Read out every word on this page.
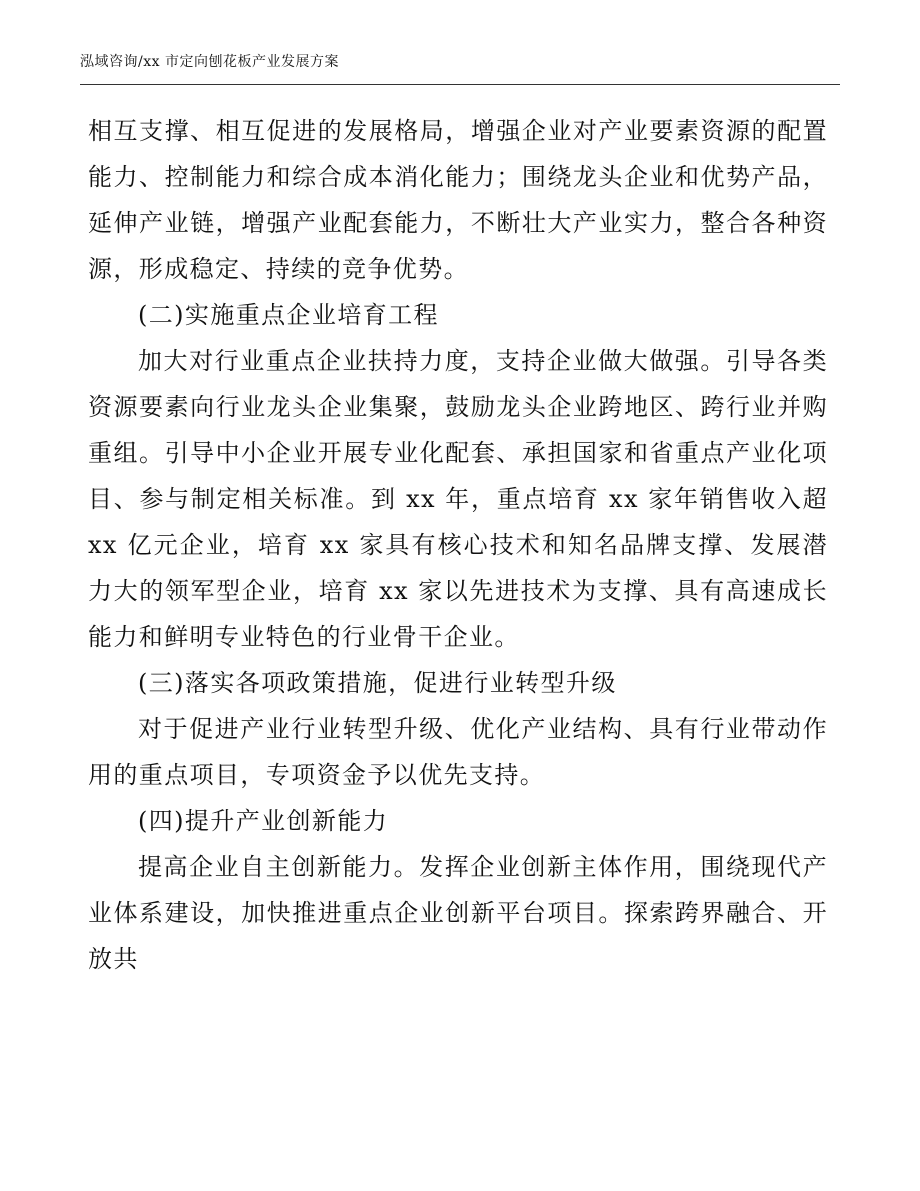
泓域咨询/xx 市定向刨花板产业发展方案

相互支撑、相互促进的发展格局，增强企业对产业要素资源的配置能力、控制能力和综合成本消化能力；围绕龙头企业和优势产品，延伸产业链，增强产业配套能力，不断壮大产业实力，整合各种资源，形成稳定、持续的竞争优势。

(二)实施重点企业培育工程

加大对行业重点企业扶持力度，支持企业做大做强。引导各类资源要素向行业龙头企业集聚，鼓励龙头企业跨地区、跨行业并购重组。引导中小企业开展专业化配套、承担国家和省重点产业化项目、参与制定相关标准。到 xx 年，重点培育 xx 家年销售收入超 xx 亿元企业，培育 xx 家具有核心技术和知名品牌支撑、发展潜力大的领军型企业，培育 xx 家以先进技术为支撑、具有高速成长能力和鲜明专业特色的行业骨干企业。

(三)落实各项政策措施，促进行业转型升级

对于促进产业行业转型升级、优化产业结构、具有行业带动作用的重点项目，专项资金予以优先支持。

(四)提升产业创新能力

提高企业自主创新能力。发挥企业创新主体作用，围绕现代产业体系建设，加快推进重点企业创新平台项目。探索跨界融合、开放共
